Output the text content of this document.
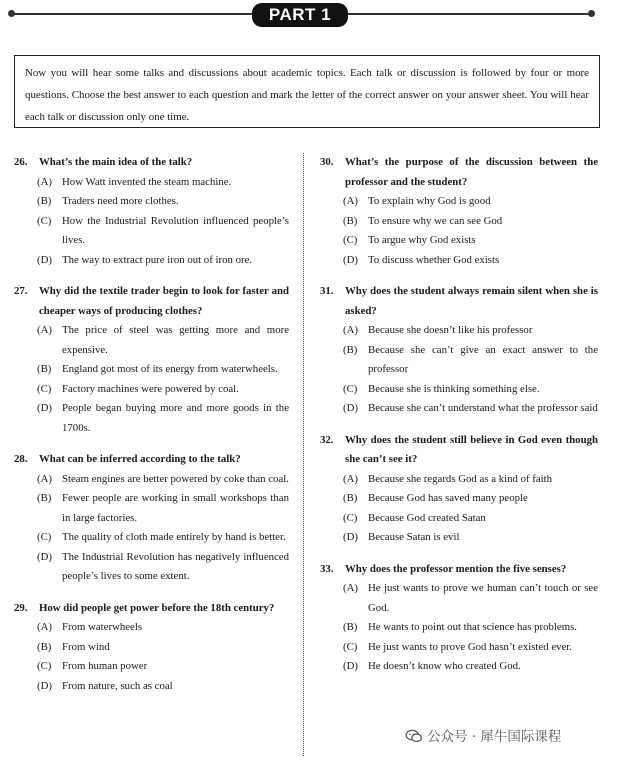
PART 1
Now you will hear some talks and discussions about academic topics. Each talk or discussion is followed by four or more questions. Choose the best answer to each question and mark the letter of the correct answer on your answer sheet. You will hear each talk or discussion only one time.
26. What’s the main idea of the talk?
(A) How Watt invented the steam machine.
(B) Traders need more clothes.
(C) How the Industrial Revolution influenced people’s lives.
(D) The way to extract pure iron out of iron ore.
27. Why did the textile trader begin to look for faster and cheaper ways of producing clothes?
(A) The price of steel was getting more and more expensive.
(B) England got most of its energy from waterwheels.
(C) Factory machines were powered by coal.
(D) People began buying more and more goods in the 1700s.
28. What can be inferred according to the talk?
(A) Steam engines are better powered by coke than coal.
(B) Fewer people are working in small workshops than in large factories.
(C) The quality of cloth made entirely by hand is better.
(D) The Industrial Revolution has negatively influenced people’s lives to some extent.
29. How did people get power before the 18th century?
(A) From waterwheels
(B) From wind
(C) From human power
(D) From nature, such as coal
30. What’s the purpose of the discussion between the professor and the student?
(A) To explain why God is good
(B) To ensure why we can see God
(C) To argue why God exists
(D) To discuss whether God exists
31. Why does the student always remain silent when she is asked?
(A) Because she doesn’t like his professor
(B) Because she can’t give an exact answer to the professor
(C) Because she is thinking something else.
(D) Because she can’t understand what the professor said
32. Why does the student still believe in God even though she can’t see it?
(A) Because she regards God as a kind of faith
(B) Because God has saved many people
(C) Because God created Satan
(D) Because Satan is evil
33. Why does the professor mention the five senses?
(A) He just wants to prove we human can’t touch or see God.
(B) He wants to point out that science has problems.
(C) He just wants to prove God hasn’t existed ever.
(D) He doesn’t know who created God.
公众号 · 犀牛国际课程
